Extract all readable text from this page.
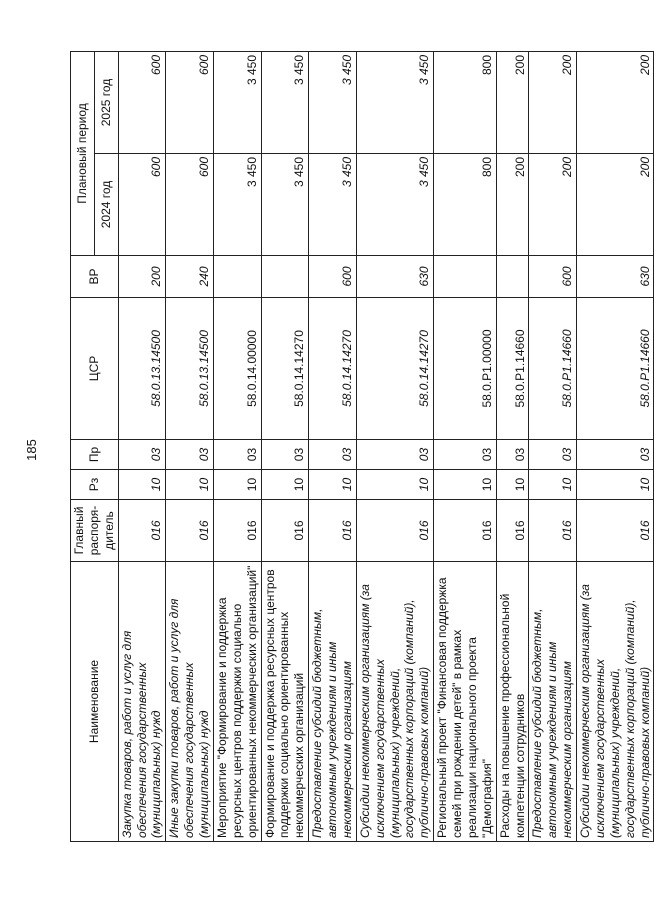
185
Наименование	Главный распоря-дитель	Рз	Пр	ЦСР	ВР	Плановый период	
						2024 год	2025 год
Закупка товаров, работ и услуг для обеспечения государственных (муниципальных) нужд	016	10	03	58.0.13.14500	200	600	600
Иные закупки товаров, работ и услуг для обеспечения государственных (муниципальных) нужд	016	10	03	58.0.13.14500	240	600	600
Мероприятие "Формирование и поддержка ресурсных центров поддержки социально ориентированных некоммерческих организаций"	016	10	03	58.0.14.00000		3 450	3 450
Формирование и поддержка ресурсных центров поддержки социально ориентированных некоммерческих организаций	016	10	03	58.0.14.14270		3 450	3 450
Предоставление субсидий бюджетным, автономным учреждениям и иным некоммерческим организациям	016	10	03	58.0.14.14270	600	3 450	3 450
Субсидии некоммерческим организациям (за исключением государственных (муниципальных) учреждений, государственных корпораций (компаний), публично-правовых компаний)	016	10	03	58.0.14.14270	630	3 450	3 450
Региональный проект "Финансовая поддержка семей при рождении детей" в рамках реализации национального проекта "Демография"	016	10	03	58.0.P1.00000		800	800
Расходы на повышение профессиональной компетенции сотрудников	016	10	03	58.0.P1.14660		200	200
Предоставление субсидий бюджетным, автономным учреждениям и иным некоммерческим организациям	016	10	03	58.0.P1.14660	600	200	200
Субсидии некоммерческим организациям (за исключением государственных (муниципальных) учреждений, государственных корпораций (компаний), публично-правовых компаний)	016	10	03	58.0.P1.14660	630	200	200
